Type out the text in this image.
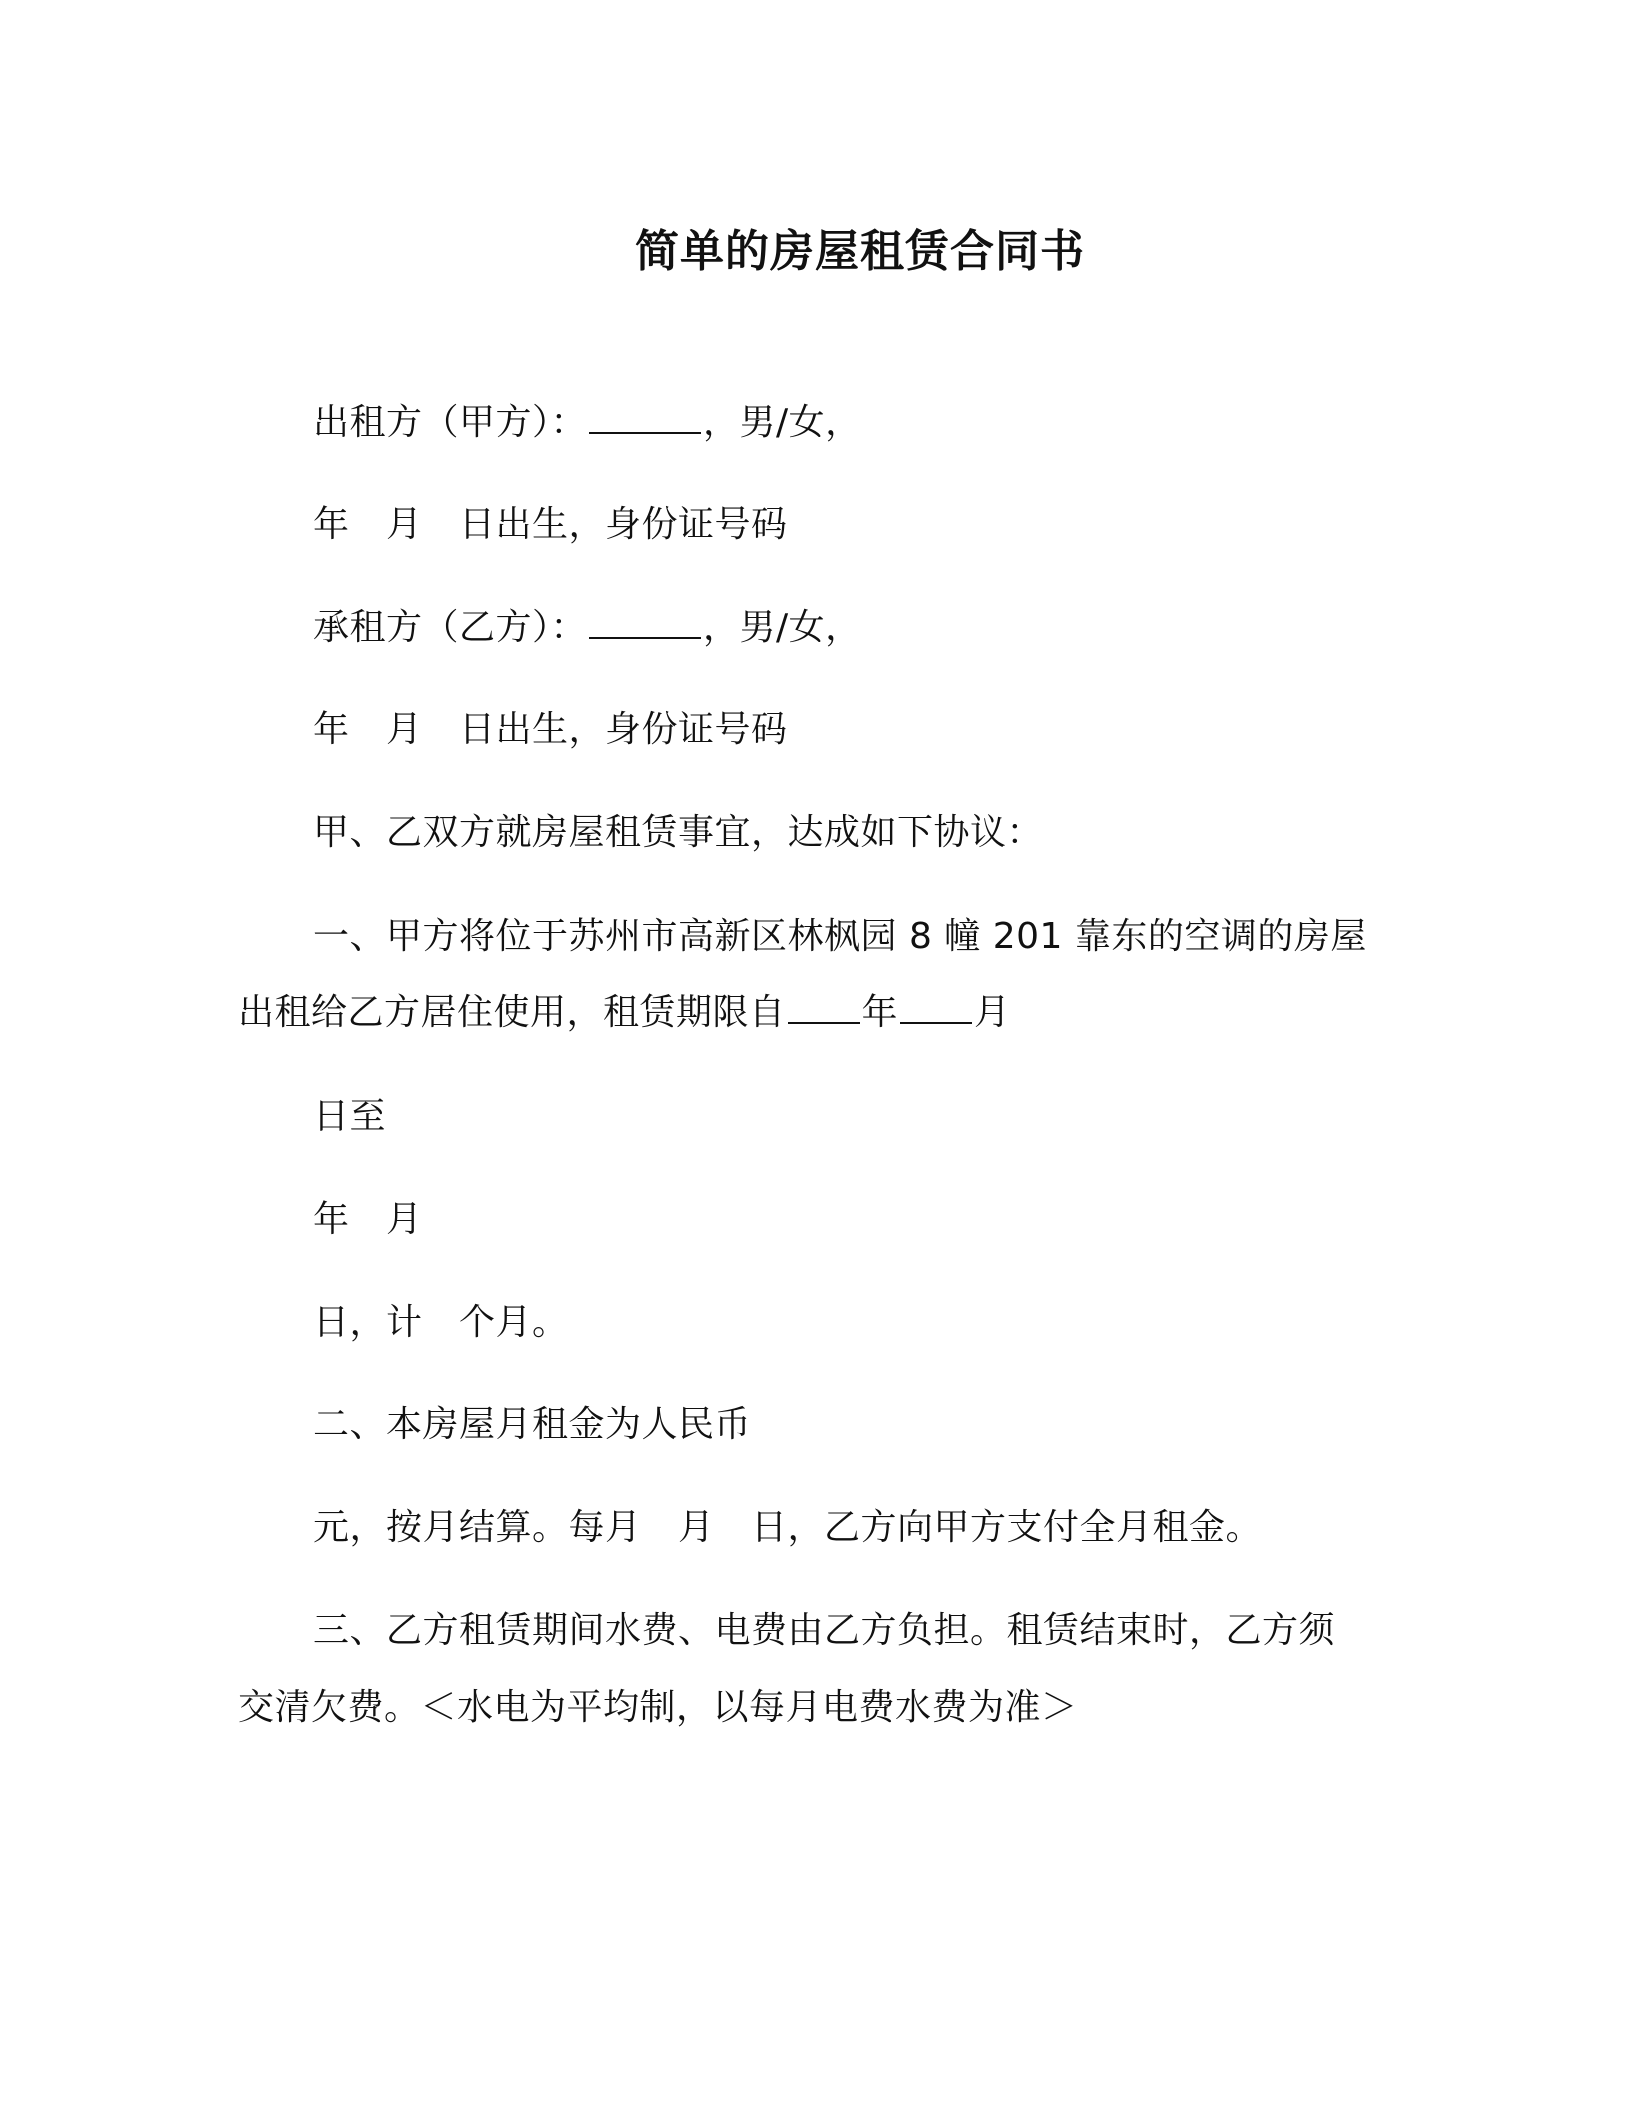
简单的房屋租赁合同书
出租方（甲方）：	，男/女，
年　月　日出生，身份证号码
承租方（乙方）：	，男/女，
年　月　日出生，身份证号码
甲、乙双方就房屋租赁事宜，达成如下协议：
一、甲方将位于苏州市高新区林枫园 8 幢 201 靠东的空调的房屋
出租给乙方居住使用，租赁期限自 年 月
日至
年　月
日，计　个月。
二、本房屋月租金为人民币
元，按月结算。每月　月　日，乙方向甲方支付全月租金。
三、乙方租赁期间水费、电费由乙方负担。租赁结束时，乙方须
交清欠费。＜水电为平均制，以每月电费水费为准＞
